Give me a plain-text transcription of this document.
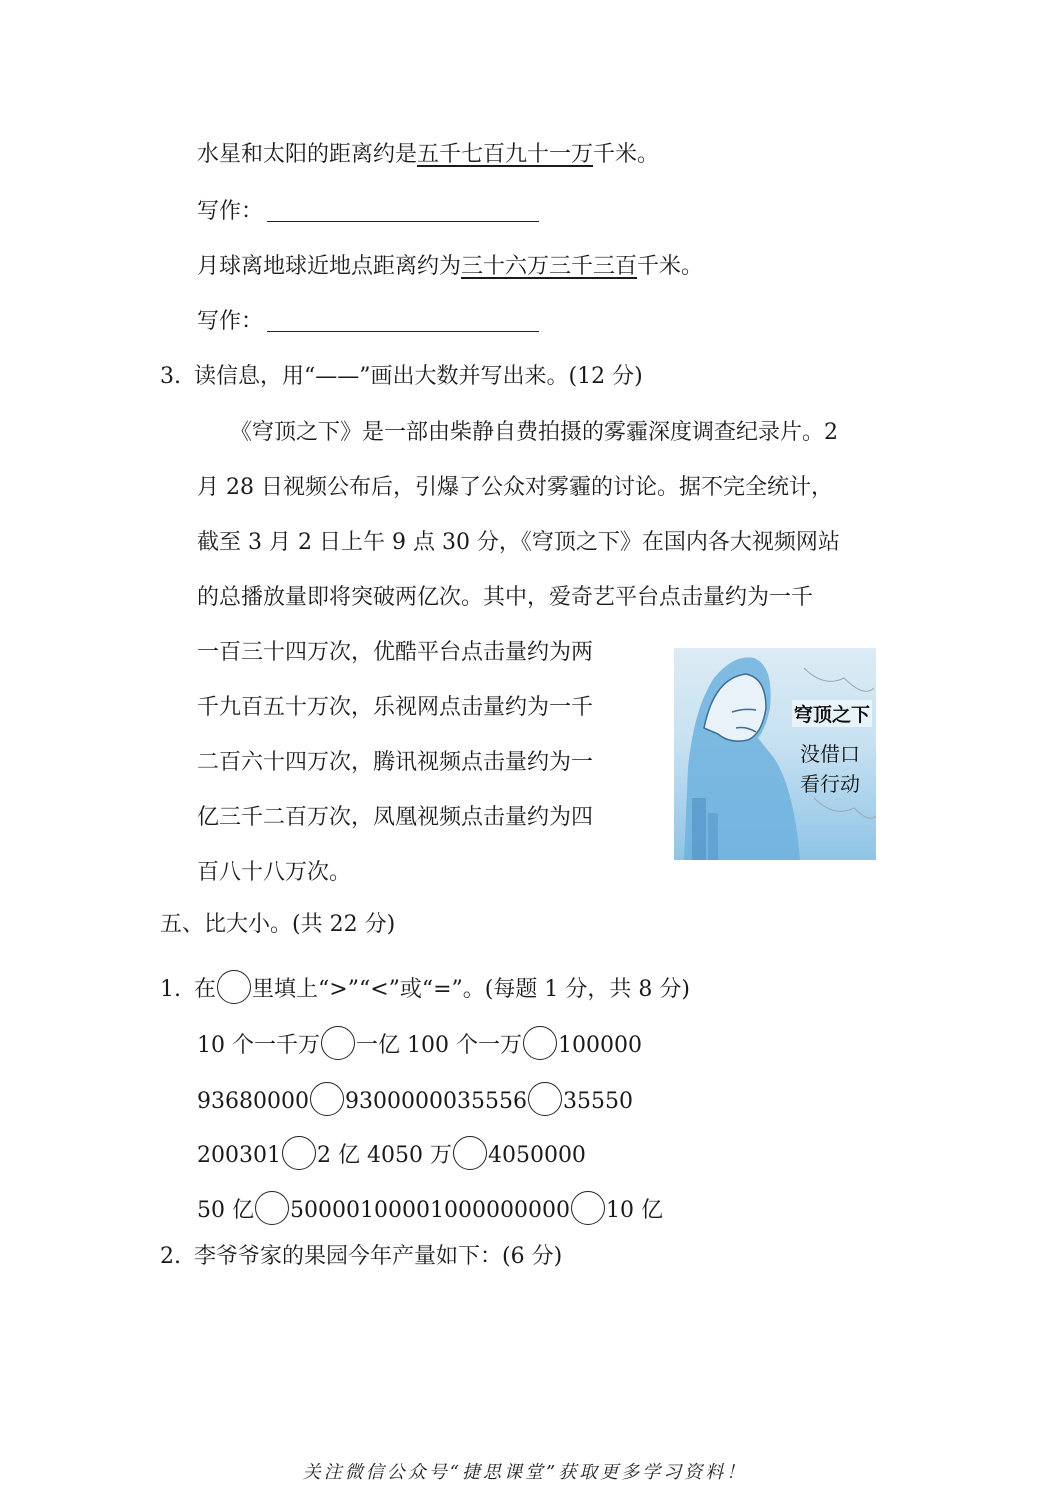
水星和太阳的距离约是五千七百九十一万千米。
写作：
月球离地球近地点距离约为三十六万三千三百千米。
写作：
3. 读信息，用“——”画出大数并写出来。(12 分)
《穹顶之下》是一部由柴静自费拍摄的雾霾深度调查纪录片。2
月 28 日视频公布后，引爆了公众对雾霾的讨论。据不完全统计，
截至 3 月 2 日上午 9 点 30 分，《穹顶之下》在国内各大视频网站
的总播放量即将突破两亿次。其中，爱奇艺平台点击量约为一千
一百三十四万次，优酷平台点击量约为两
千九百五十万次，乐视网点击量约为一千
二百六十四万次，腾讯视频点击量约为一
亿三千二百万次，凤凰视频点击量约为四
百八十八万次。
穹顶之下
没借口
看行动
五、比大小。(共 22 分)
1. 在 里填上“>”“<”或“=”。(每题 1 分，共 8 分)
10 个一千万 一亿 100 个一万 100000
93680000 9300000035556 35550
200301 2 亿 4050 万 4050000
50 亿 50000100001000000000 10 亿
2. 李爷爷家的果园今年产量如下：(6 分)
关注微信公众号“捷思课堂”获取更多学习资料！
